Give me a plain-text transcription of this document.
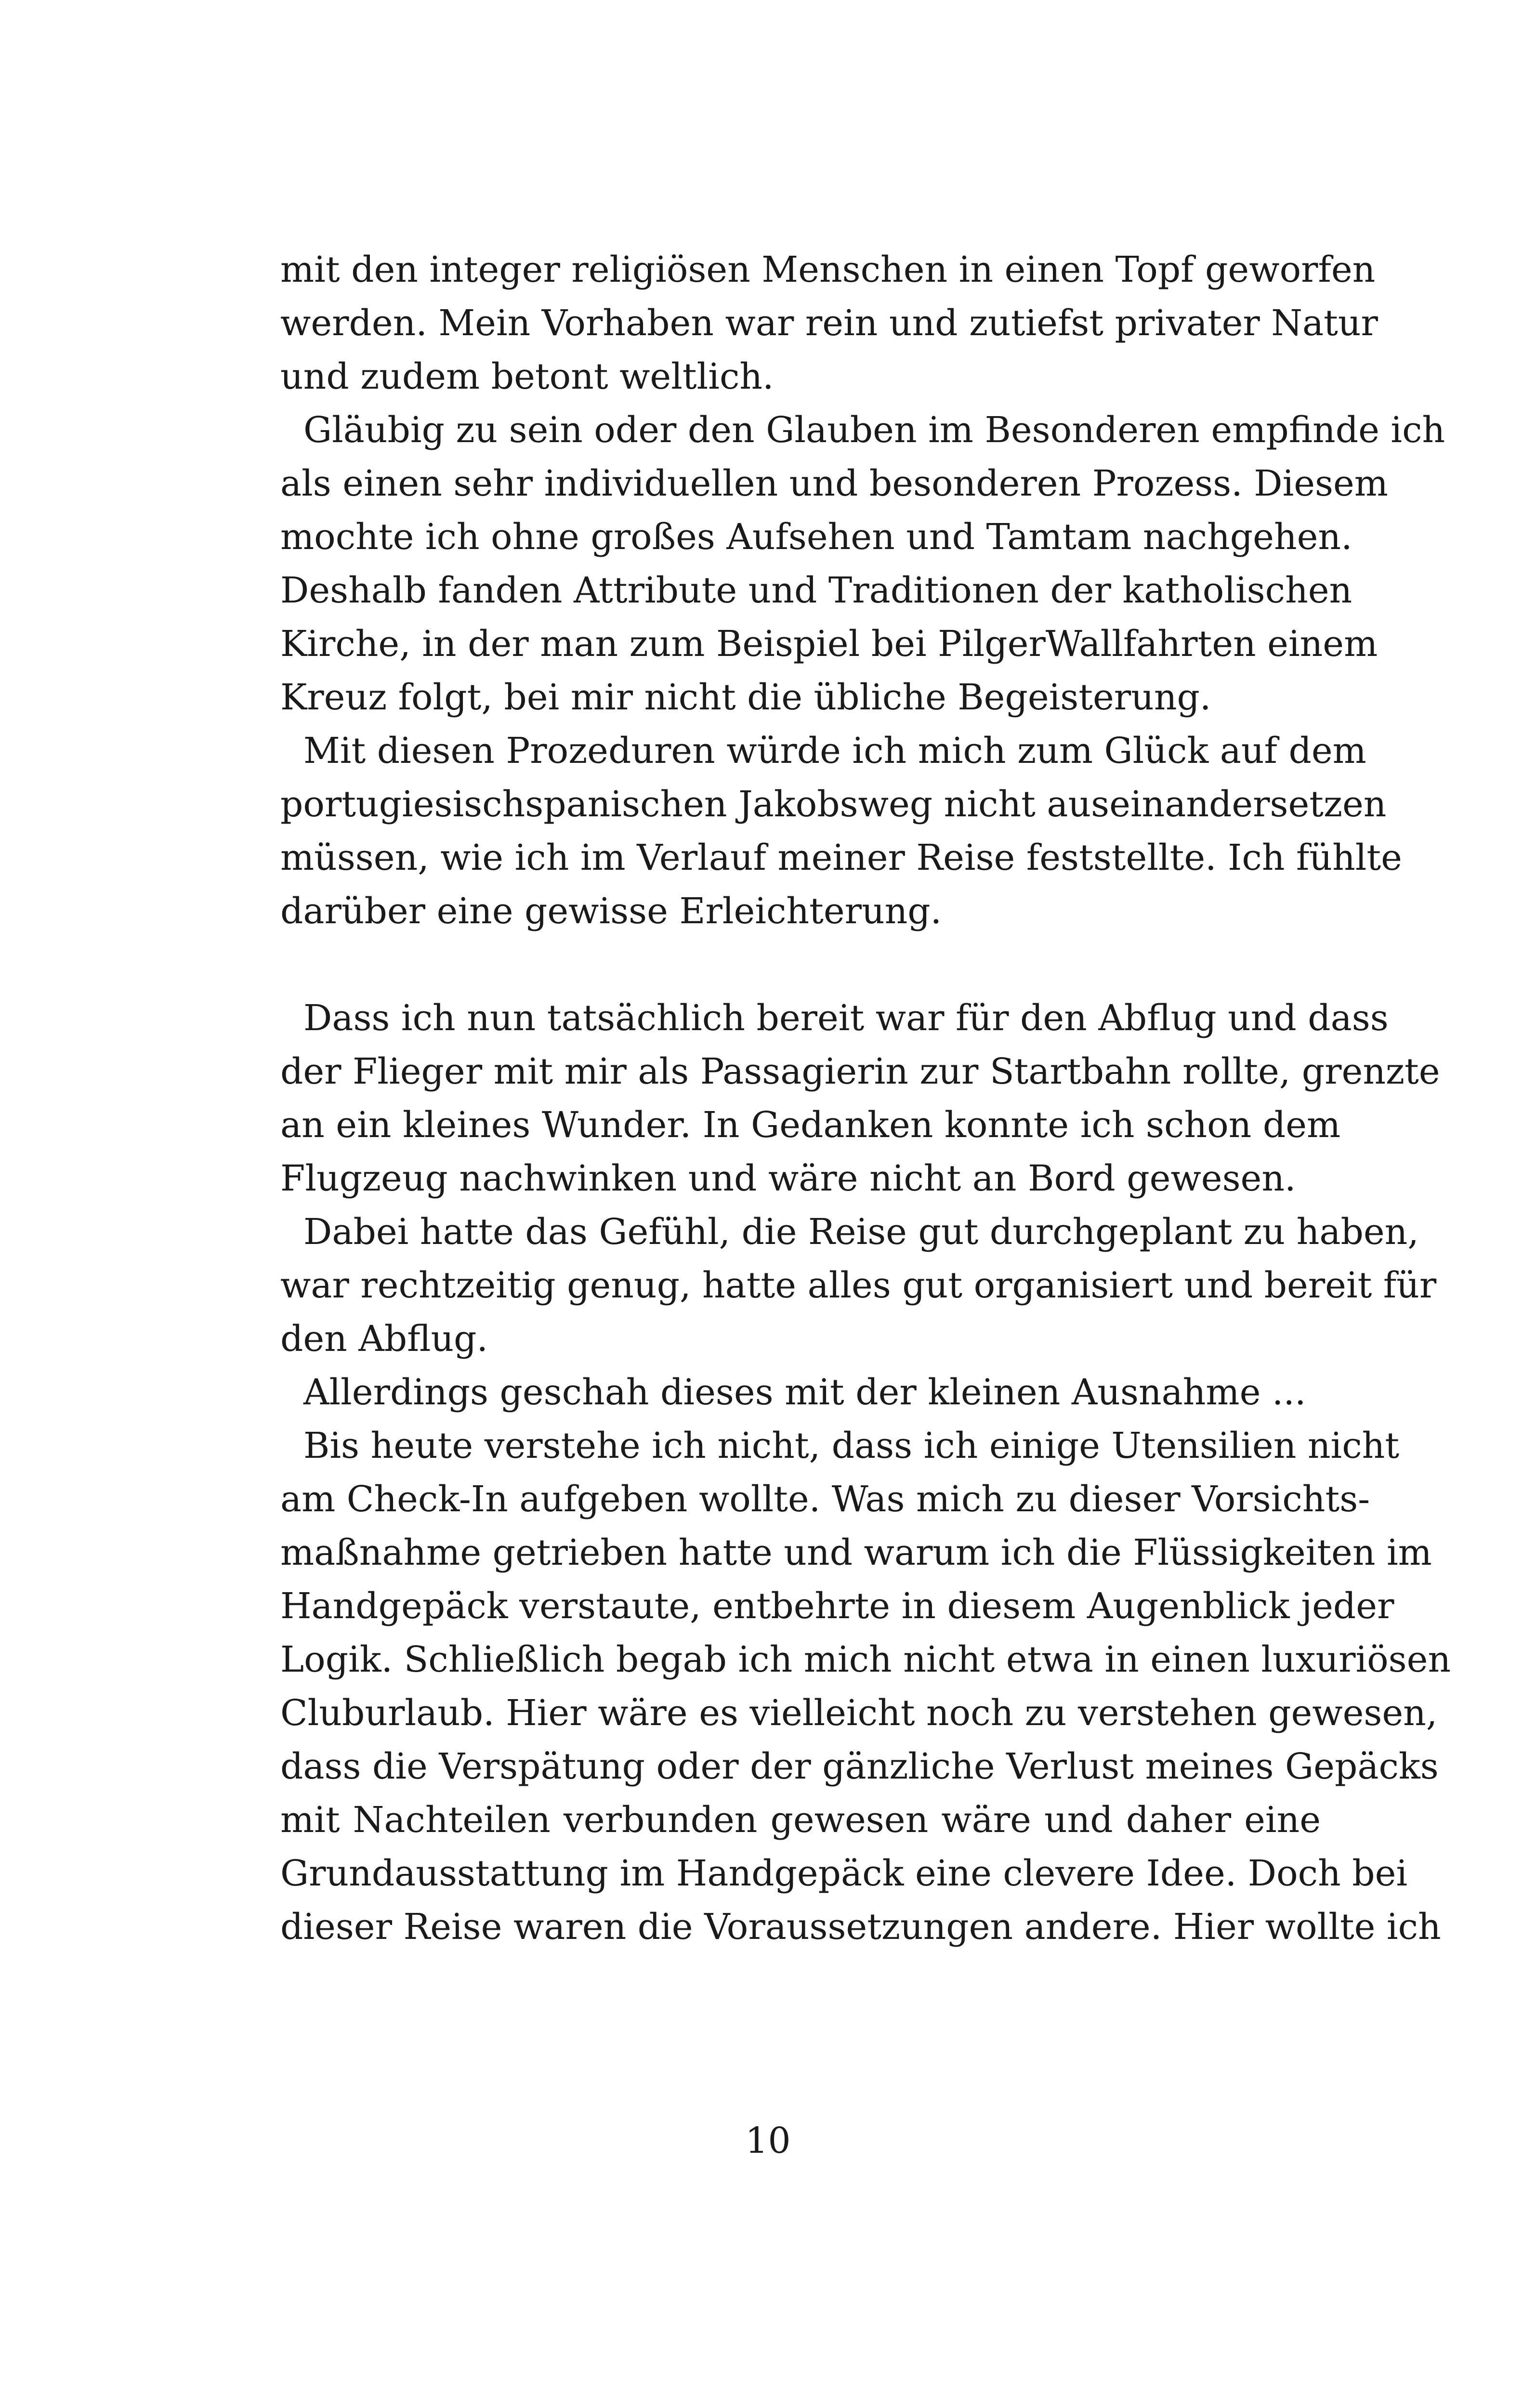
mit den integer religiösen Menschen in einen Topf geworfen
werden. Mein Vorhaben war rein und zutiefst privater Natur
und zudem betont weltlich.
Gläubig zu sein oder den Glauben im Besonderen empfinde ich
als einen sehr individuellen und besonderen Prozess. Diesem
mochte ich ohne großes Aufsehen und Tamtam nachgehen.
Deshalb fanden Attribute und Traditionen der katholischen
Kirche, in der man zum Beispiel bei PilgerWallfahrten einem
Kreuz folgt, bei mir nicht die übliche Begeisterung.
Mit diesen Prozeduren würde ich mich zum Glück auf dem
portugiesischspanischen Jakobsweg nicht auseinandersetzen
müssen, wie ich im Verlauf meiner Reise feststellte. Ich fühlte
darüber eine gewisse Erleichterung.
Dass ich nun tatsächlich bereit war für den Abflug und dass
der Flieger mit mir als Passagierin zur Startbahn rollte, grenzte
an ein kleines Wunder. In Gedanken konnte ich schon dem
Flugzeug nachwinken und wäre nicht an Bord gewesen.
Dabei hatte das Gefühl, die Reise gut durchgeplant zu haben,
war rechtzeitig genug, hatte alles gut organisiert und bereit für
den Abflug.
Allerdings geschah dieses mit der kleinen Ausnahme ...
Bis heute verstehe ich nicht, dass ich einige Utensilien nicht
am Check-In aufgeben wollte. Was mich zu dieser Vorsichts-
maßnahme getrieben hatte und warum ich die Flüssigkeiten im
Handgepäck verstaute, entbehrte in diesem Augenblick jeder
Logik. Schließlich begab ich mich nicht etwa in einen luxuriösen
Cluburlaub. Hier wäre es vielleicht noch zu verstehen gewesen,
dass die Verspätung oder der gänzliche Verlust meines Gepäcks
mit Nachteilen verbunden gewesen wäre und daher eine
Grundausstattung im Handgepäck eine clevere Idee. Doch bei
dieser Reise waren die Voraussetzungen andere. Hier wollte ich
10
